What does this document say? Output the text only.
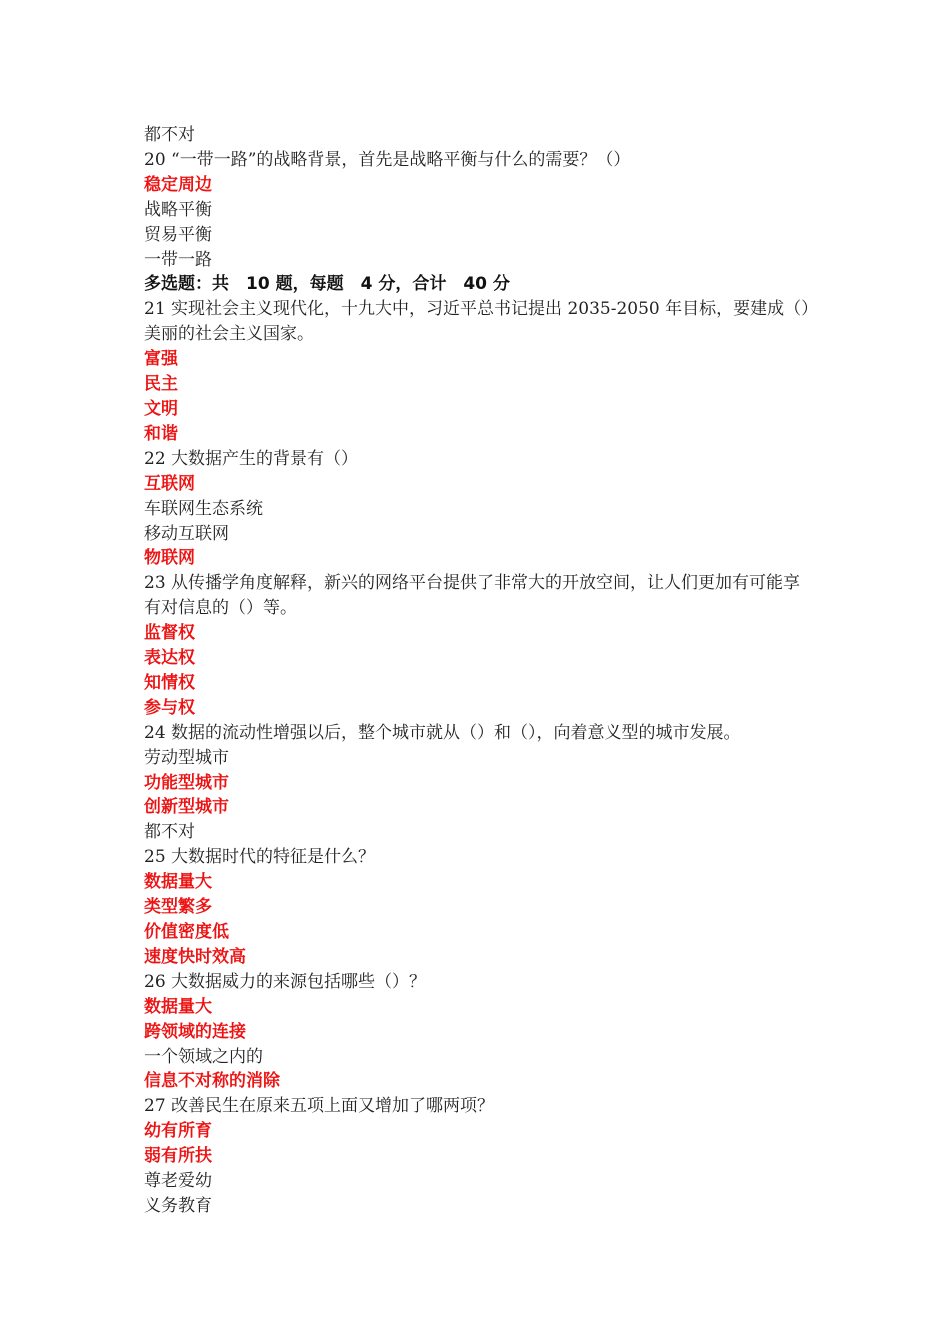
都不对
20 “一带一路”的战略背景，首先是战略平衡与什么的需要？（）
稳定周边
战略平衡
贸易平衡
一带一路
多选题：共　10 题，每题　4 分，合计　40 分
21 实现社会主义现代化，十九大中，习近平总书记提出 2035-2050 年目标，要建成（）美丽的社会主义国家。
富强
民主
文明
和谐
22 大数据产生的背景有（）
互联网
车联网生态系统
移动互联网
物联网
23 从传播学角度解释，新兴的网络平台提供了非常大的开放空间，让人们更加有可能享有对信息的（）等。
监督权
表达权
知情权
参与权
24 数据的流动性增强以后，整个城市就从（）和（），向着意义型的城市发展。
劳动型城市
功能型城市
创新型城市
都不对
25 大数据时代的特征是什么？
数据量大
类型繁多
价值密度低
速度快时效高
26 大数据威力的来源包括哪些（）？
数据量大
跨领域的连接
一个领域之内的
信息不对称的消除
27 改善民生在原来五项上面又增加了哪两项？
幼有所育
弱有所扶
尊老爱幼
义务教育
